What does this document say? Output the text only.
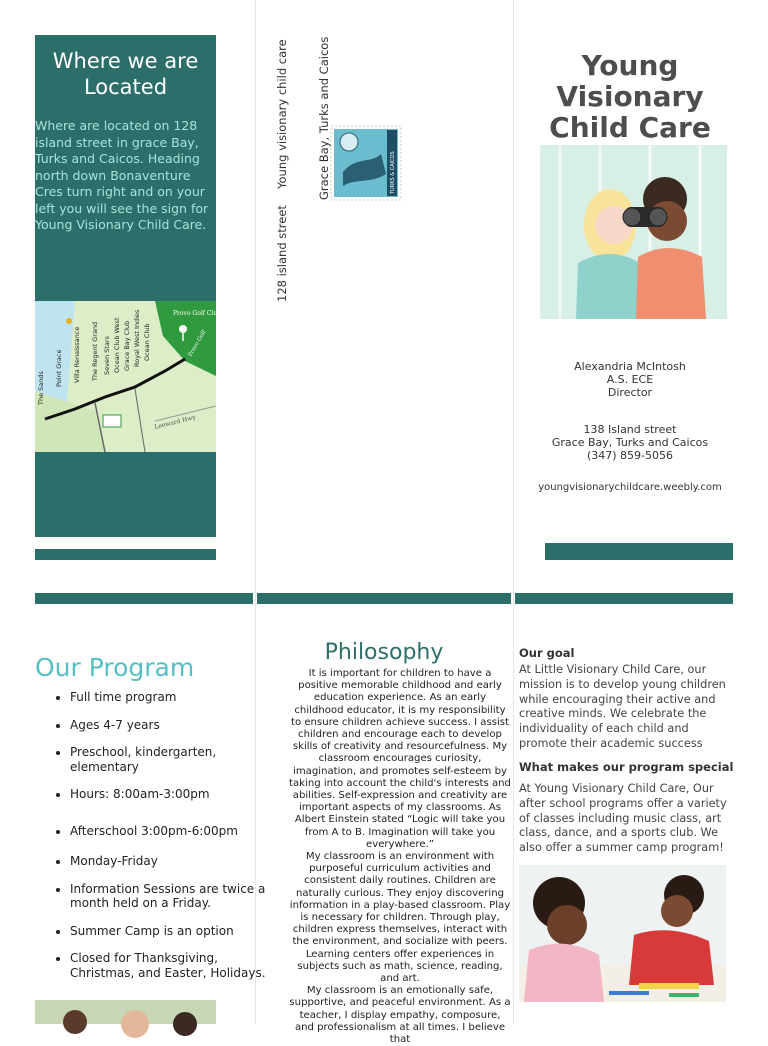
Where we are Located
Where are located on 128 island street in grace Bay, Turks and Caicos. Heading north down Bonaventure Cres turn right and on your left you will see the sign for Young Visionary Child Care.
The Sands
Point Grace Villa Renaissance The Regent Grand Seven Stars Ocean Club West Grace Bay Club Royal West Indies Ocean Club
Provo Golf Club
Provo Golf
Leeward Hwy
Young visionary child care Grace Bay, Turks and Caicos
128 island street
TURKS & CAICOS
Young
Visionary
Child Care
Alexandria McIntosh
A.S. ECE
Director
138 Island street
Grace Bay, Turks and Caicos
(347) 859-5056
youngvisionarychildcare.weebly.com
Our Program
• Full time program
• Ages 4-7 years
• Preschool, kindergarten, elementary
• Hours: 8:00am-3:00pm
• Afterschool 3:00pm-6:00pm
• Monday-Friday
• Information Sessions are twice a month held on a Friday.
• Summer Camp is an option
• Closed for Thanksgiving, Christmas, and Easter, Holidays.
Philosophy
It is important for children to have a positive memorable childhood and early education experience. As an early childhood educator, it is my responsibility to ensure children achieve success. I assist children and encourage each to develop skills of creativity and resourcefulness. My classroom encourages curiosity, imagination, and promotes self-esteem by taking into account the child's interests and abilities. Self-expression and creativity are important aspects of my classrooms. As Albert Einstein stated “Logic will take you from A to B. Imagination will take you everywhere.”
My classroom is an environment with purposeful curriculum activities and consistent daily routines. Children are naturally curious. They enjoy discovering information in a play-based classroom. Play is necessary for children. Through play, children express themselves, interact with the environment, and socialize with peers. Learning centers offer experiences in subjects such as math, science, reading, and art.
My classroom is an emotionally safe, supportive, and peaceful environment. As a teacher, I display empathy, composure, and professionalism at all times. I believe that
Our goal
At Little Visionary Child Care, our mission is to develop young children while encouraging their active and creative minds. We celebrate the individuality of each child and promote their academic success
What makes our program special
At Young Visionary Child Care, Our after school programs offer a variety of classes including music class, art class, dance, and a sports club. We also offer a summer camp program!
